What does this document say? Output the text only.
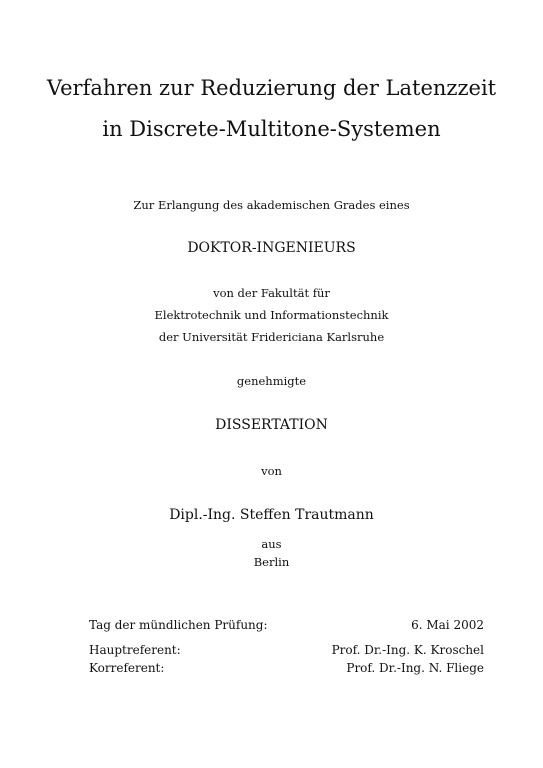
Verfahren zur Reduzierung der Latenzzeit
in Discrete-Multitone-Systemen
Zur Erlangung des akademischen Grades eines
DOKTOR-INGENIEURS
von der Fakultät für
Elektrotechnik und Informationstechnik
der Universität Fridericiana Karlsruhe
genehmigte
DISSERTATION
von
Dipl.-Ing. Steffen Trautmann
aus
Berlin
Tag der mündlichen Prüfung:	6. Mai 2002
Hauptreferent:	Prof. Dr.-Ing. K. Kroschel
Korreferent:	Prof. Dr.-Ing. N. Fliege
